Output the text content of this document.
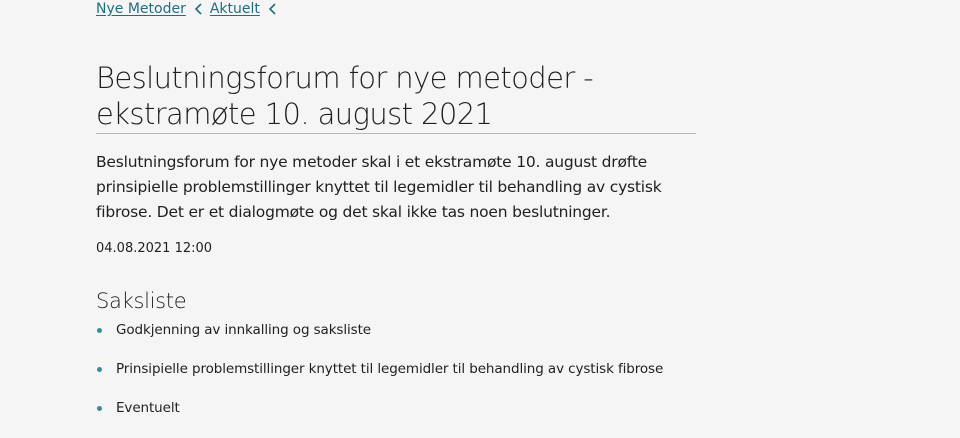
Nye Metoder Aktuelt
Beslutningsforum for nye metoder - ekstramøte 10. august 2021

Beslutningsforum for nye metoder skal i et ekstramøte 10. august drøfte prinsipielle problemstillinger knyttet til legemidler til behandling av cystisk fibrose. Det er et dialogmøte og det skal ikke tas noen beslutninger.

04.08.2021 12:00

Saksliste
Godkjenning av innkalling og saksliste
Prinsipielle problemstillinger knyttet til legemidler til behandling av cystisk fibrose
Eventuelt
